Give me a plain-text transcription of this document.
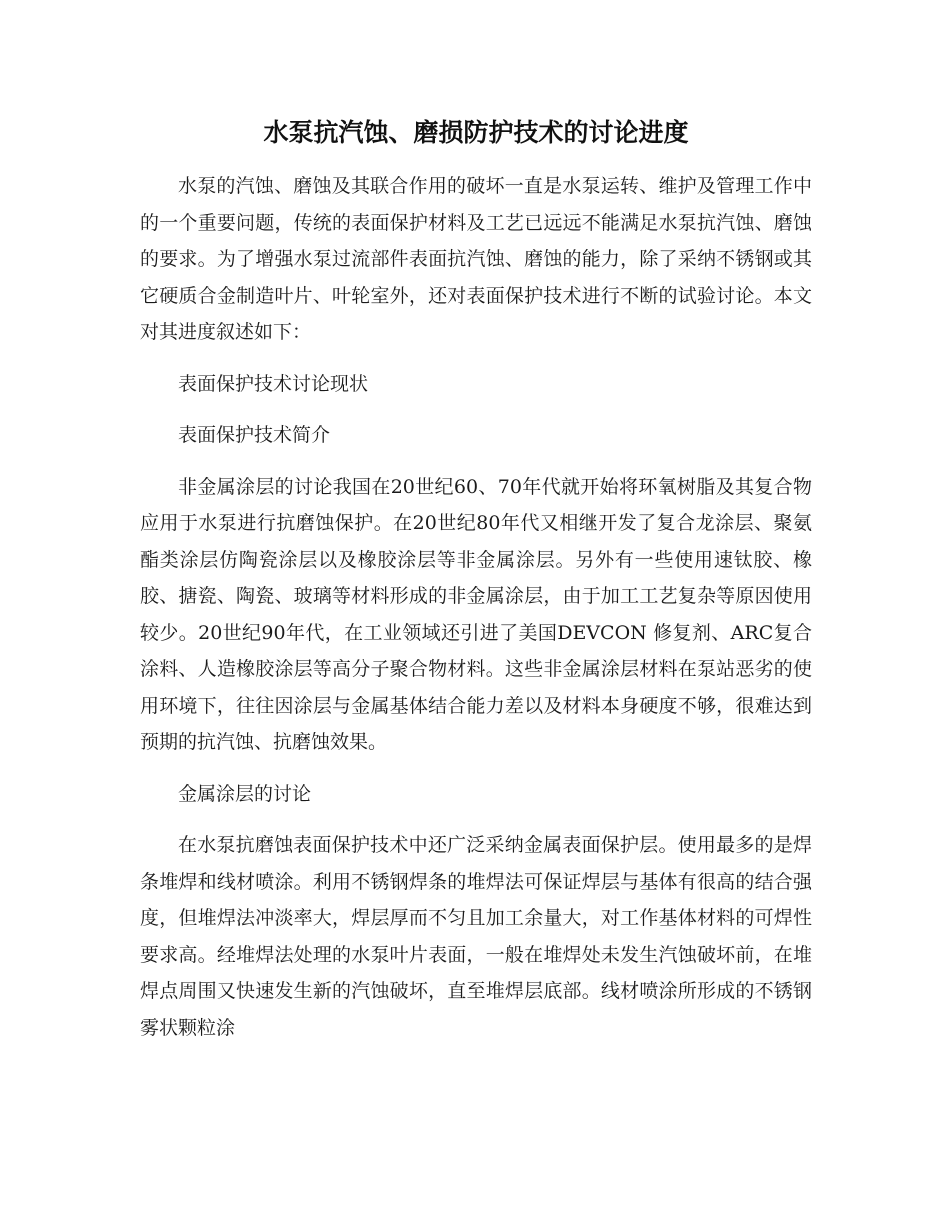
水泵抗汽蚀、磨损防护技术的讨论进度

水泵的汽蚀、磨蚀及其联合作用的破坏一直是水泵运转、维护及管理工作中的一个重要问题，传统的表面保护材料及工艺已远远不能满足水泵抗汽蚀、磨蚀的要求。为了增强水泵过流部件表面抗汽蚀、磨蚀的能力，除了采纳不锈钢或其它硬质合金制造叶片、叶轮室外，还对表面保护技术进行不断的试验讨论。本文对其进度叙述如下：

表面保护技术讨论现状

表面保护技术简介

非金属涂层的讨论我国在20世纪60、70年代就开始将环氧树脂及其复合物应用于水泵进行抗磨蚀保护。在20世纪80年代又相继开发了复合龙涂层、聚氨酯类涂层仿陶瓷涂层以及橡胶涂层等非金属涂层。另外有一些使用速钛胶、橡胶、搪瓷、陶瓷、玻璃等材料形成的非金属涂层，由于加工工艺复杂等原因使用较少。20世纪90年代，在工业领域还引进了美国DEVCON 修复剂、ARC复合涂料、人造橡胶涂层等高分子聚合物材料。这些非金属涂层材料在泵站恶劣的使用环境下，往往因涂层与金属基体结合能力差以及材料本身硬度不够，很难达到预期的抗汽蚀、抗磨蚀效果。

金属涂层的讨论

在水泵抗磨蚀表面保护技术中还广泛采纳金属表面保护层。使用最多的是焊条堆焊和线材喷涂。利用不锈钢焊条的堆焊法可保证焊层与基体有很高的结合强度，但堆焊法冲淡率大，焊层厚而不匀且加工余量大，对工作基体材料的可焊性要求高。经堆焊法处理的水泵叶片表面，一般在堆焊处未发生汽蚀破坏前，在堆焊点周围又快速发生新的汽蚀破坏，直至堆焊层底部。线材喷涂所形成的不锈钢雾状颗粒涂
